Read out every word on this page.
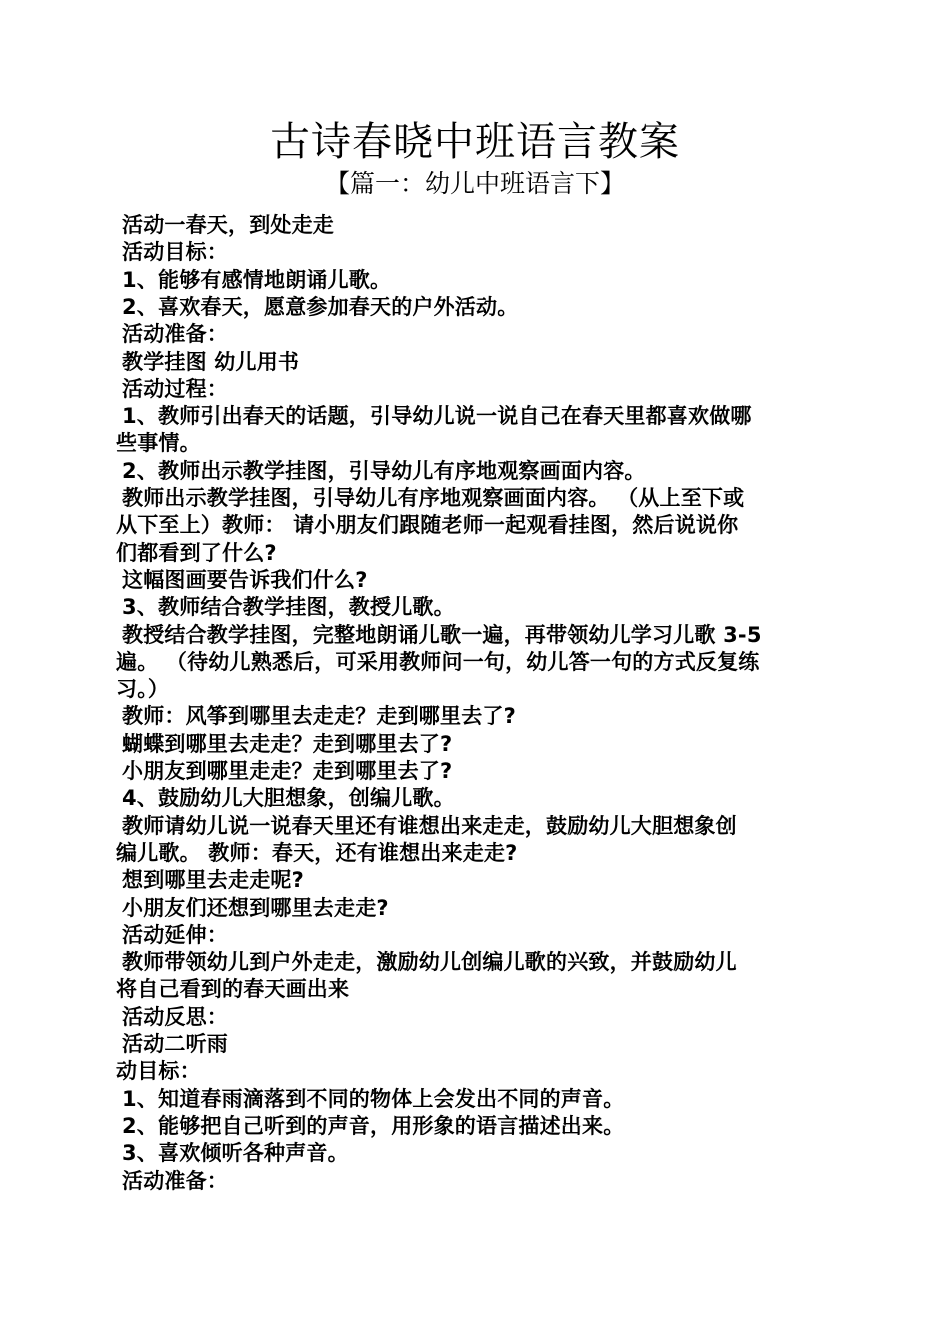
古诗春晓中班语言教案
【篇一：幼儿中班语言下】
活动一春天，到处走走
活动目标：
1、能够有感情地朗诵儿歌。
2、喜欢春天，愿意参加春天的户外活动。
活动准备：
教学挂图 幼儿用书
活动过程：
1、教师引出春天的话题，引导幼儿说一说自己在春天里都喜欢做哪
些事情。
2、教师出示教学挂图，引导幼儿有序地观察画面内容。
教师出示教学挂图，引导幼儿有序地观察画面内容。 （从上至下或
从下至上）教师： 请小朋友们跟随老师一起观看挂图，然后说说你
们都看到了什么?
这幅图画要告诉我们什么?
3、教师结合教学挂图，教授儿歌。
教授结合教学挂图，完整地朗诵儿歌一遍，再带领幼儿学习儿歌 3-5
遍。 （待幼儿熟悉后，可采用教师问一句，幼儿答一句的方式反复练
习。）
教师：风筝到哪里去走走？走到哪里去了?
蝴蝶到哪里去走走？走到哪里去了?
小朋友到哪里走走？走到哪里去了?
4、鼓励幼儿大胆想象，创编儿歌。
教师请幼儿说一说春天里还有谁想出来走走，鼓励幼儿大胆想象创
编儿歌。 教师：春天，还有谁想出来走走?
想到哪里去走走呢?
小朋友们还想到哪里去走走?
活动延伸：
教师带领幼儿到户外走走，激励幼儿创编儿歌的兴致，并鼓励幼儿
将自己看到的春天画出来
活动反思：
活动二听雨
动目标：
1、知道春雨滴落到不同的物体上会发出不同的声音。
2、能够把自己听到的声音，用形象的语言描述出来。
3、喜欢倾听各种声音。
活动准备：
